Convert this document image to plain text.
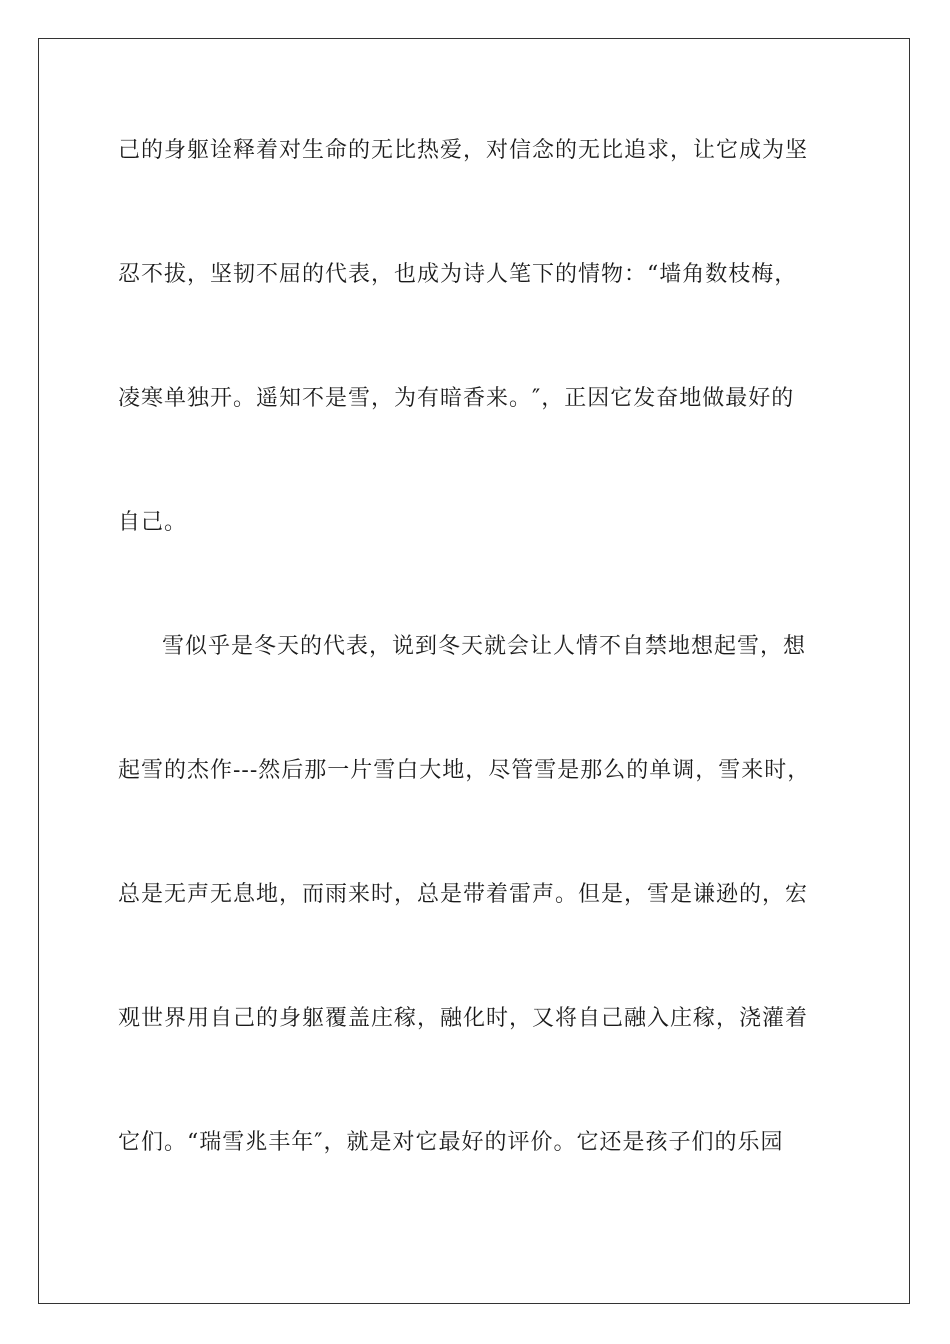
己的身躯诠释着对生命的无比热爱，对信念的无比追求，让它成为坚
忍不拔，坚韧不屈的代表，也成为诗人笔下的情物：“墙角数枝梅，
凌寒单独开。遥知不是雪，为有暗香来。″，正因它发奋地做最好的
自己。
雪似乎是冬天的代表，说到冬天就会让人情不自禁地想起雪，想
起雪的杰作---然后那一片雪白大地，尽管雪是那么的单调，雪来时，
总是无声无息地，而雨来时，总是带着雷声。但是，雪是谦逊的，宏
观世界用自己的身躯覆盖庄稼，融化时，又将自己融入庄稼，浇灌着
它们。“瑞雪兆丰年″，就是对它最好的评价。它还是孩子们的乐园
